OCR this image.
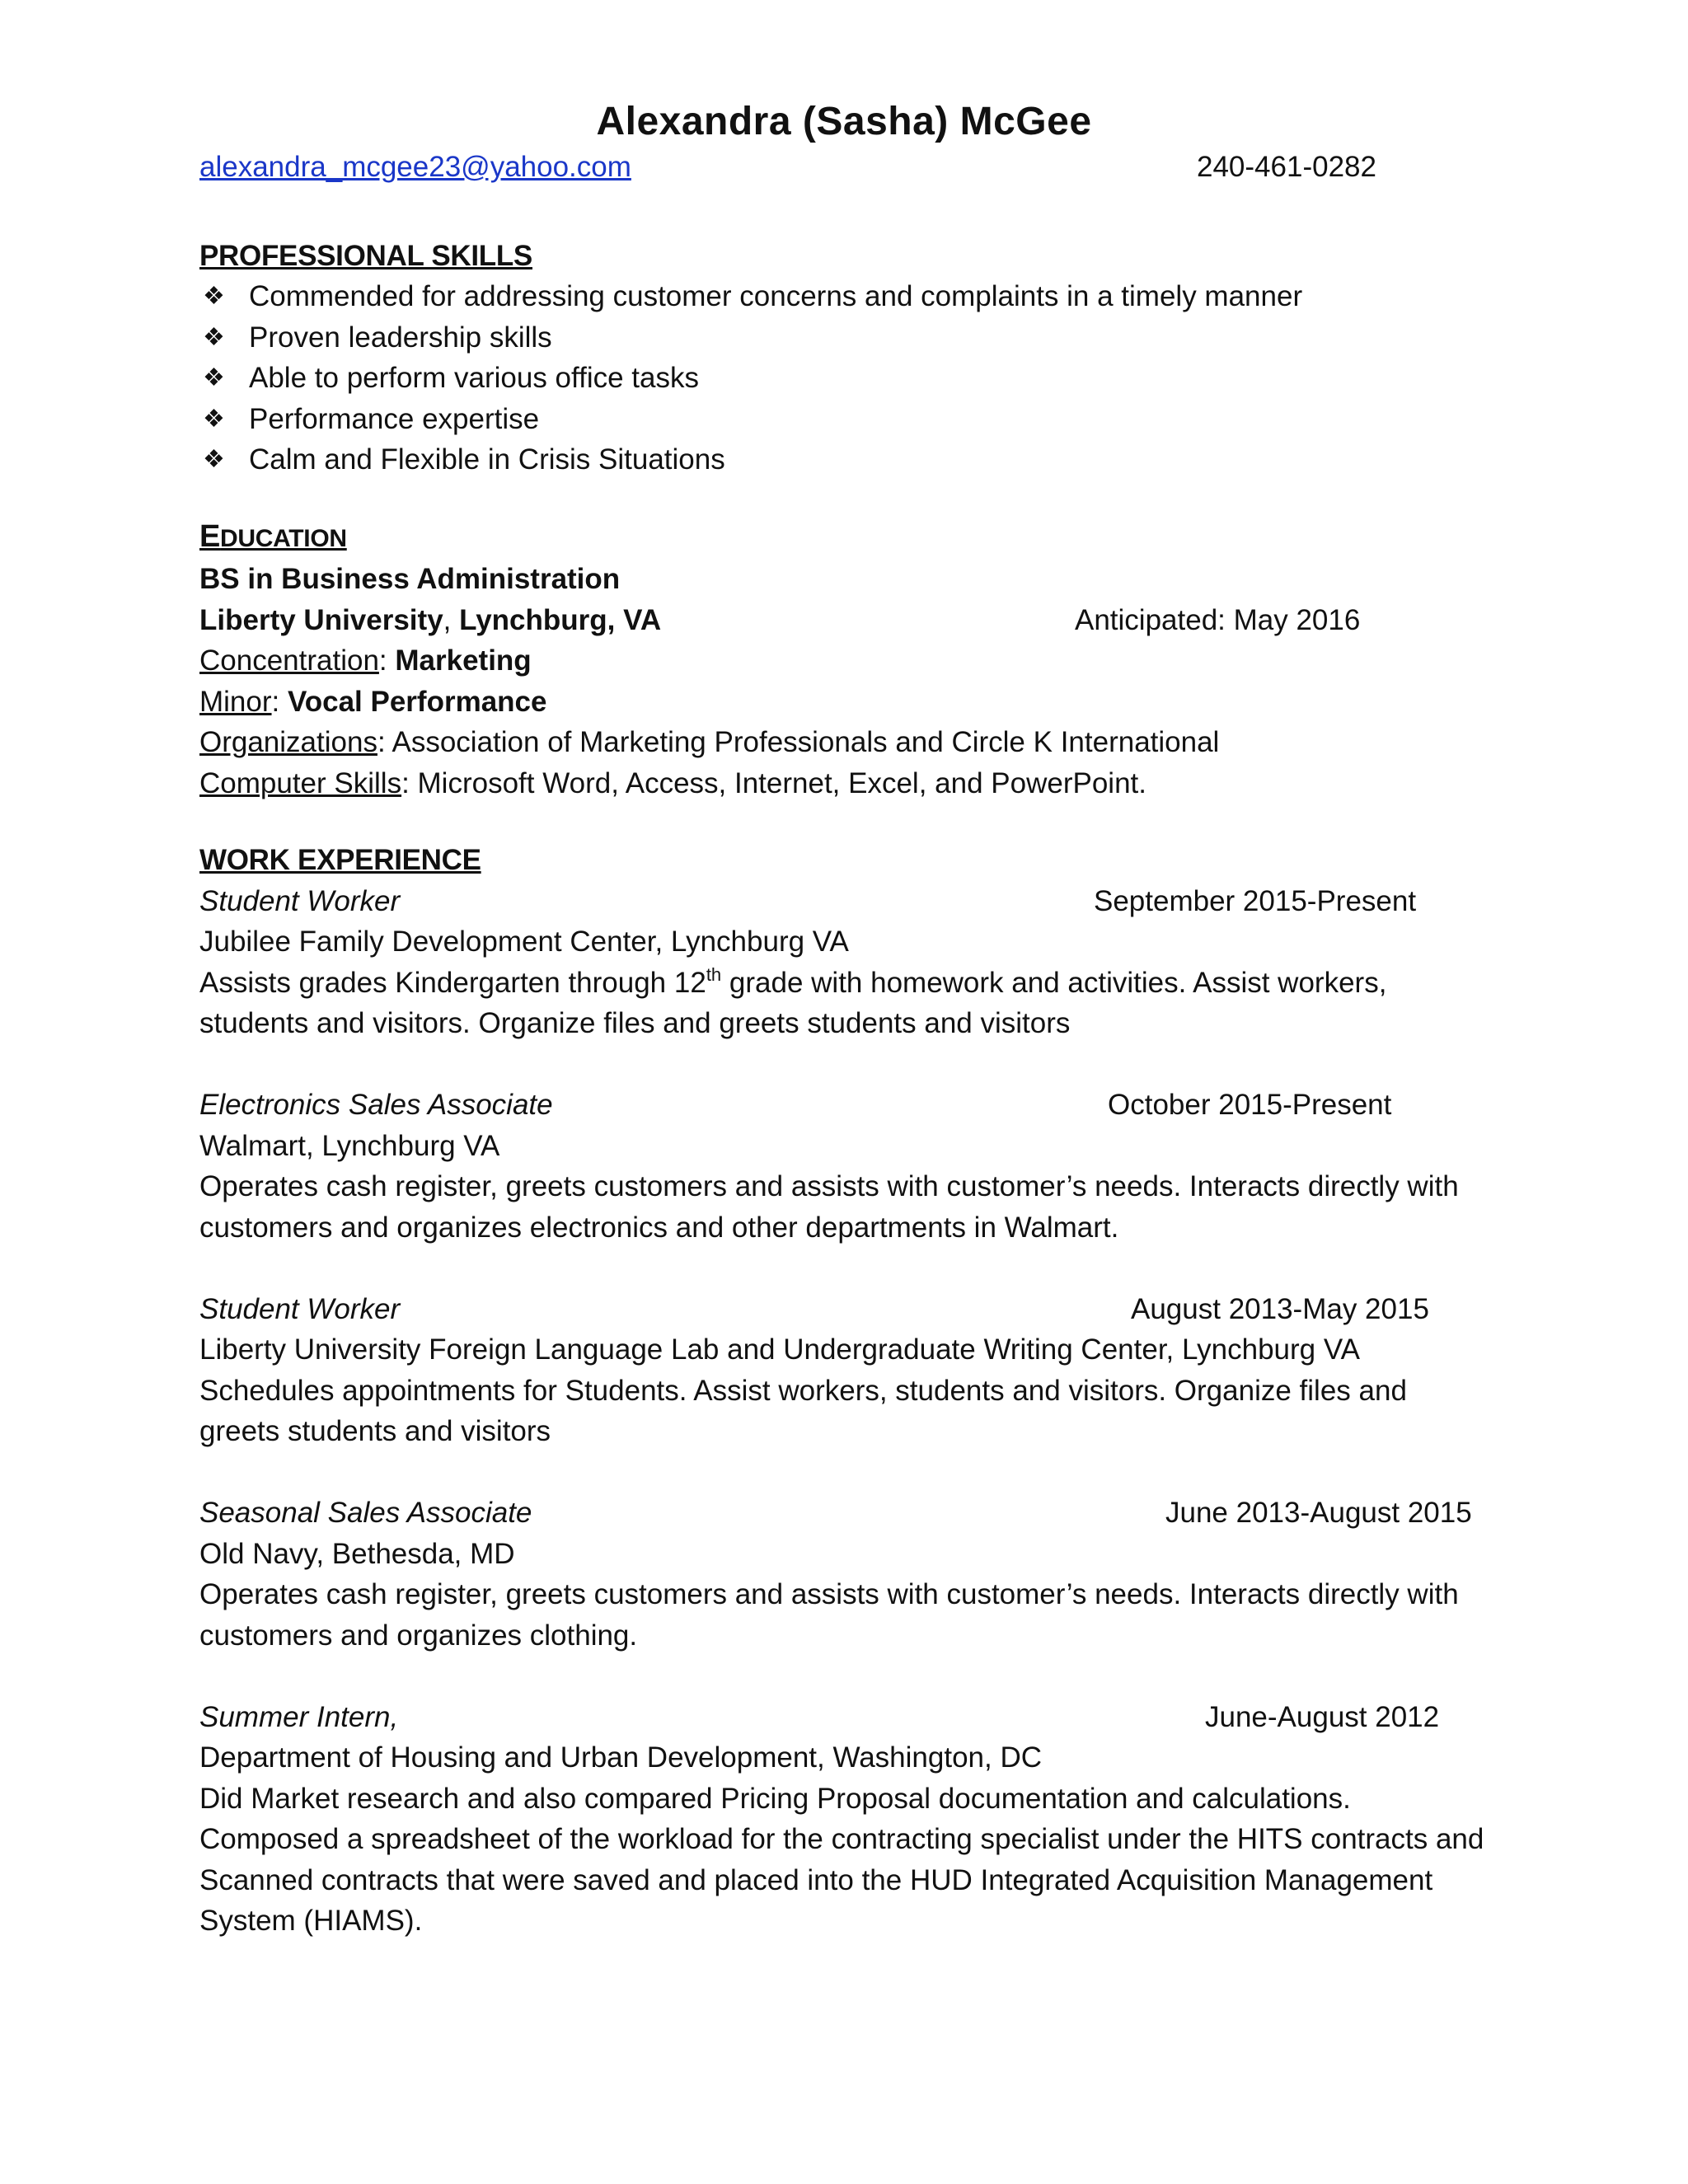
Alexandra (Sasha) McGee
alexandra_mcgee23@yahoo.com	240-461-0282
PROFESSIONAL SKILLS
❖ Commended for addressing customer concerns and complaints in a timely manner
❖ Proven leadership skills
❖ Able to perform various office tasks
❖ Performance expertise
❖ Calm and Flexible in Crisis Situations
EDUCATION
BS in Business Administration
Liberty University, Lynchburg, VA	Anticipated: May 2016
Concentration: Marketing
Minor: Vocal Performance
Organizations: Association of Marketing Professionals and Circle K International
Computer Skills: Microsoft Word, Access, Internet, Excel, and PowerPoint.
WORK EXPERIENCE
Student Worker	September 2015-Present
Jubilee Family Development Center, Lynchburg VA
Assists grades Kindergarten through 12th grade with homework and activities. Assist workers, students and visitors. Organize files and greets students and visitors
Electronics Sales Associate	October 2015-Present
Walmart, Lynchburg VA
Operates cash register, greets customers and assists with customer’s needs. Interacts directly with customers and organizes electronics and other departments in Walmart.
Student Worker	August 2013-May 2015
Liberty University Foreign Language Lab and Undergraduate Writing Center, Lynchburg VA
Schedules appointments for Students. Assist workers, students and visitors. Organize files and greets students and visitors
Seasonal Sales Associate	June 2013-August 2015
Old Navy, Bethesda, MD
Operates cash register, greets customers and assists with customer’s needs. Interacts directly with customers and organizes clothing.
Summer Intern,	June-August 2012
Department of Housing and Urban Development, Washington, DC
Did Market research and also compared Pricing Proposal documentation and calculations. Composed a spreadsheet of the workload for the contracting specialist under the HITS contracts and Scanned contracts that were saved and placed into the HUD Integrated Acquisition Management System (HIAMS).
